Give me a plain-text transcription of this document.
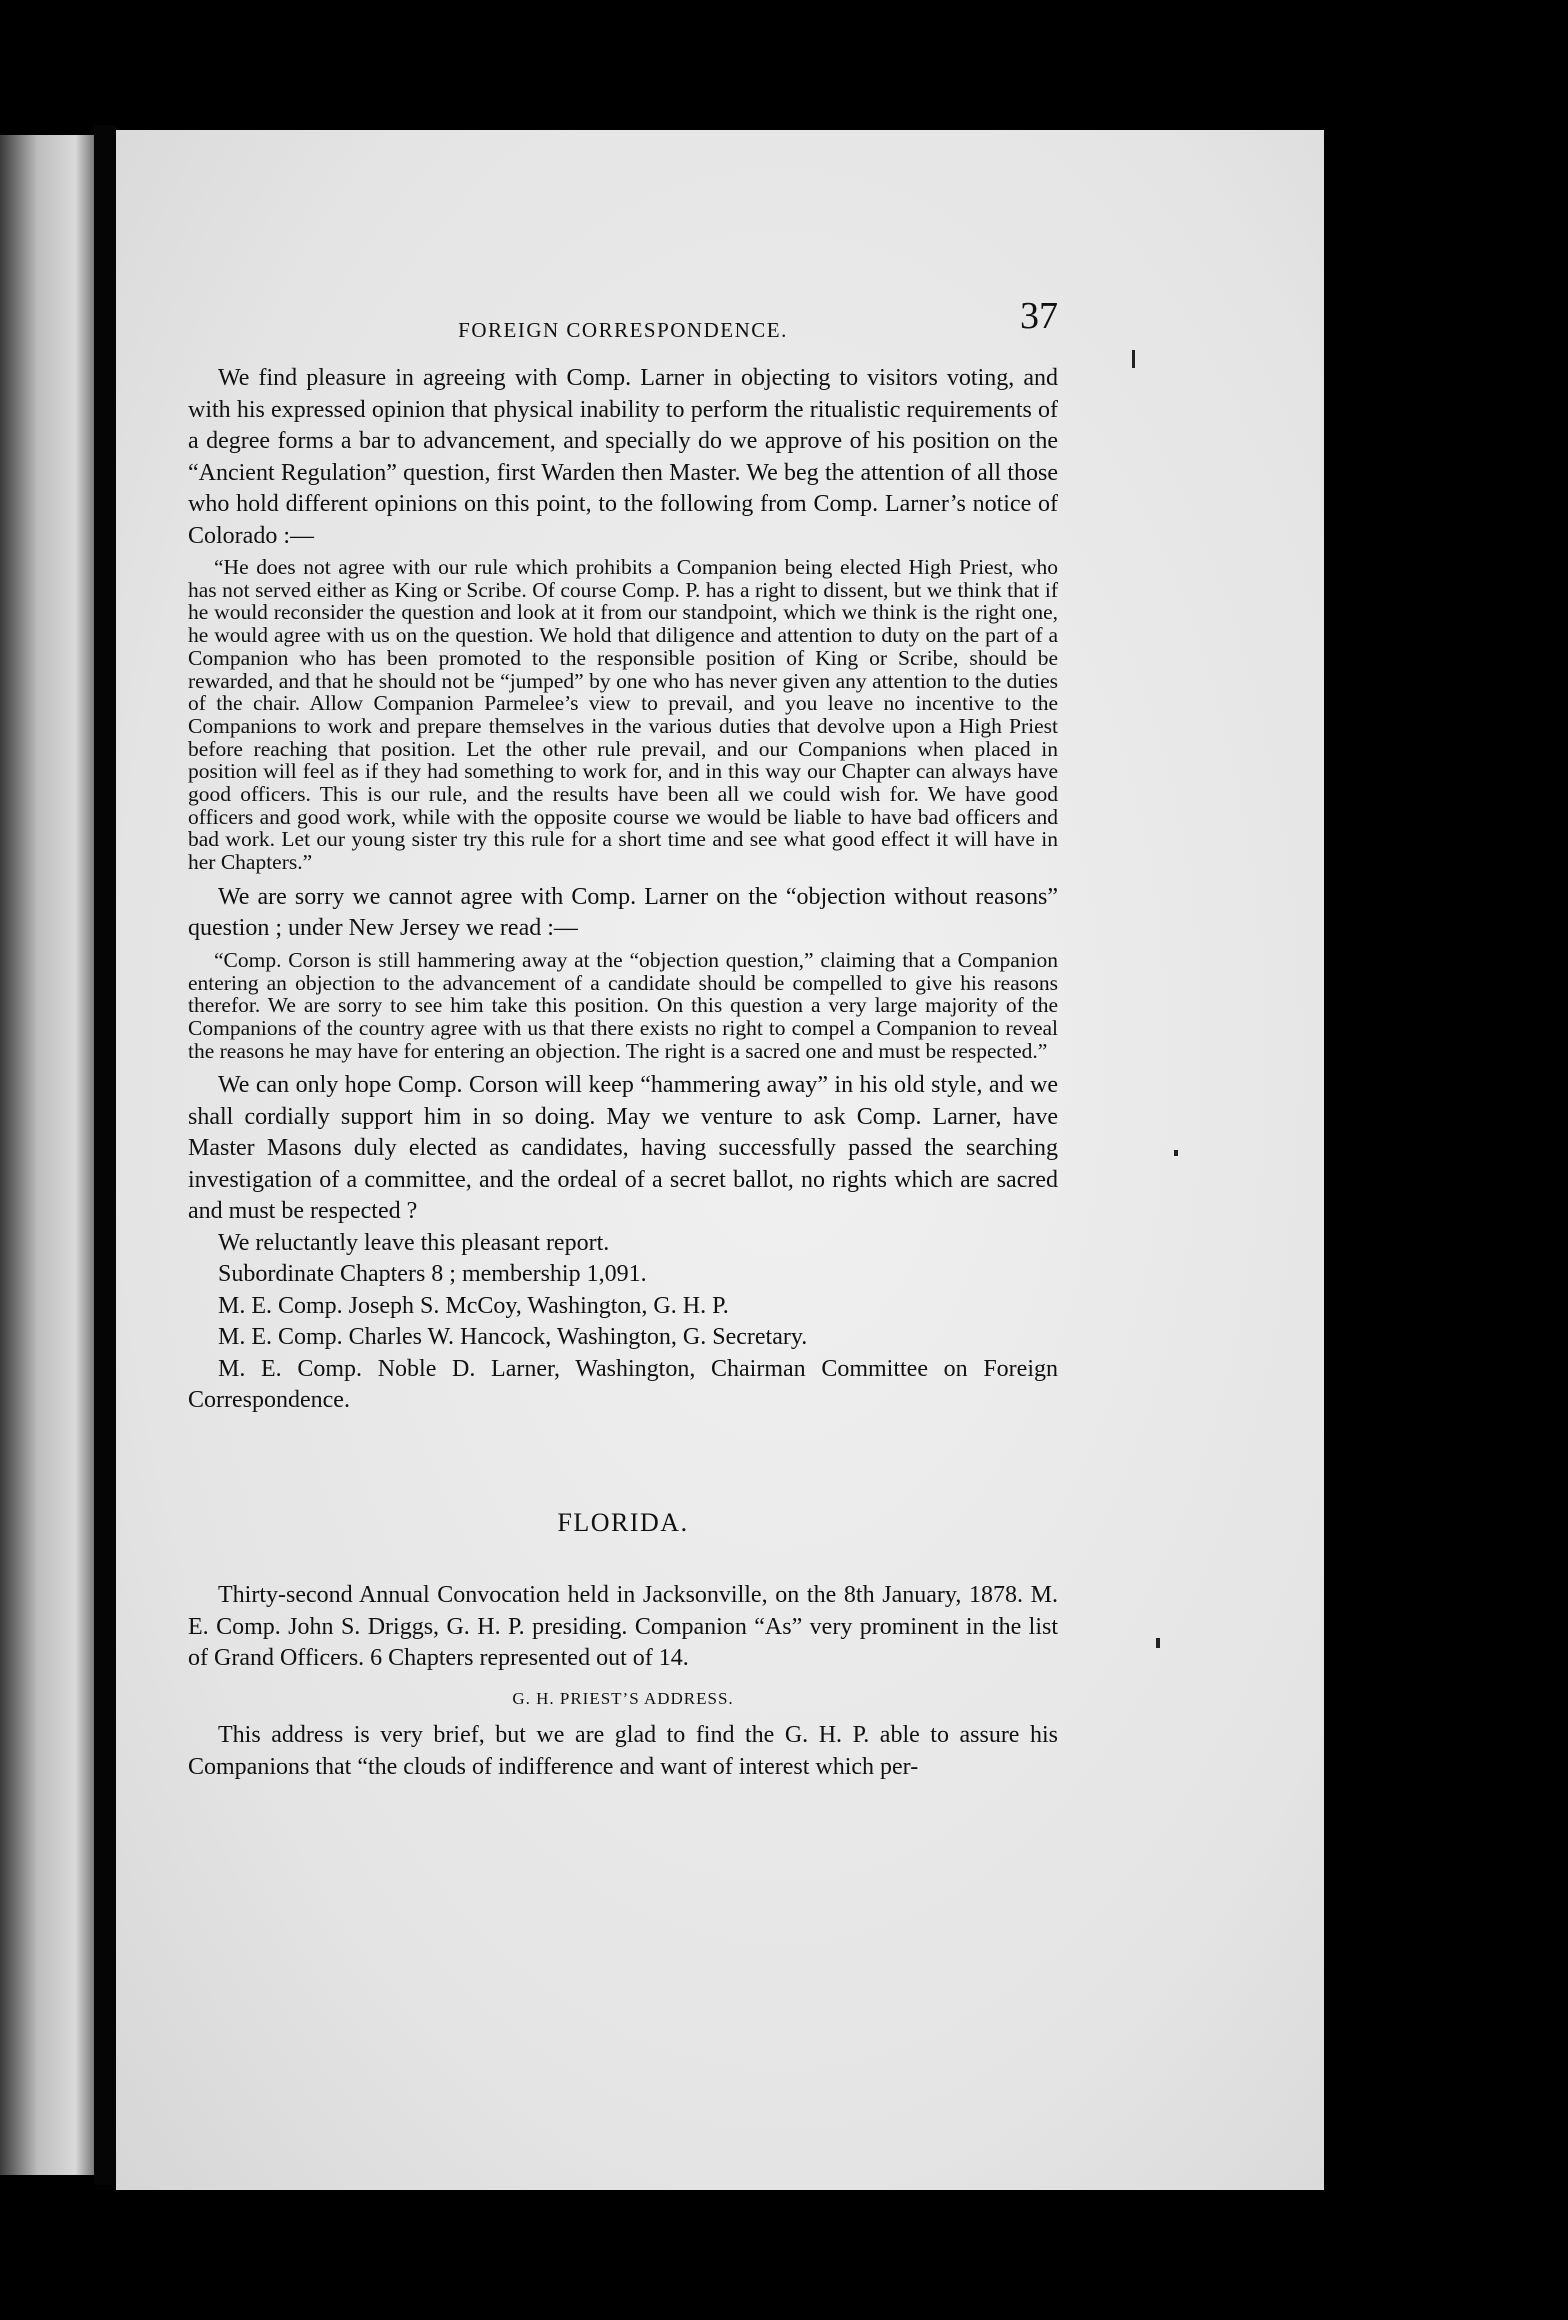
FOREIGN CORRESPONDENCE.	37

We find pleasure in agreeing with Comp. Larner in objecting to visitors voting, and with his expressed opinion that physical inability to perform the ritualistic requirements of a degree forms a bar to advancement, and specially do we approve of his position on the “Ancient Regulation” question, first Warden then Master. We beg the attention of all those who hold different opinions on this point, to the following from Comp. Larner’s notice of Colorado :—

“He does not agree with our rule which prohibits a Companion being elected High Priest, who has not served either as King or Scribe. Of course Comp. P. has a right to dissent, but we think that if he would reconsider the question and look at it from our standpoint, which we think is the right one, he would agree with us on the question. We hold that diligence and attention to duty on the part of a Companion who has been promoted to the responsible position of King or Scribe, should be rewarded, and that he should not be “jumped” by one who has never given any attention to the duties of the chair. Allow Companion Parmelee’s view to prevail, and you leave no incentive to the Companions to work and prepare themselves in the various duties that devolve upon a High Priest before reaching that position. Let the other rule prevail, and our Companions when placed in position will feel as if they had something to work for, and in this way our Chapter can always have good officers. This is our rule, and the results have been all we could wish for. We have good officers and good work, while with the opposite course we would be liable to have bad officers and bad work. Let our young sister try this rule for a short time and see what good effect it will have in her Chapters.”

We are sorry we cannot agree with Comp. Larner on the “objection without reasons” question ; under New Jersey we read :—

“Comp. Corson is still hammering away at the “objection question,” claiming that a Companion entering an objection to the advancement of a candidate should be compelled to give his reasons therefor. We are sorry to see him take this position. On this question a very large majority of the Companions of the country agree with us that there exists no right to compel a Companion to reveal the reasons he may have for entering an objection. The right is a sacred one and must be respected.”

We can only hope Comp. Corson will keep “hammering away” in his old style, and we shall cordially support him in so doing. May we venture to ask Comp. Larner, have Master Masons duly elected as candidates, having successfully passed the searching investigation of a committee, and the ordeal of a secret ballot, no rights which are sacred and must be respected ?

We reluctantly leave this pleasant report.

Subordinate Chapters 8 ; membership 1,091.

M. E. Comp. Joseph S. McCoy, Washington, G. H. P.

M. E. Comp. Charles W. Hancock, Washington, G. Secretary.

M. E. Comp. Noble D. Larner, Washington, Chairman Committee on Foreign Correspondence.

FLORIDA.

Thirty-second Annual Convocation held in Jacksonville, on the 8th January, 1878. M. E. Comp. John S. Driggs, G. H. P. presiding. Companion “As” very prominent in the list of Grand Officers. 6 Chapters represented out of 14.

G. H. PRIEST’S ADDRESS.

This address is very brief, but we are glad to find the G. H. P. able to assure his Companions that “the clouds of indifference and want of interest which per-
